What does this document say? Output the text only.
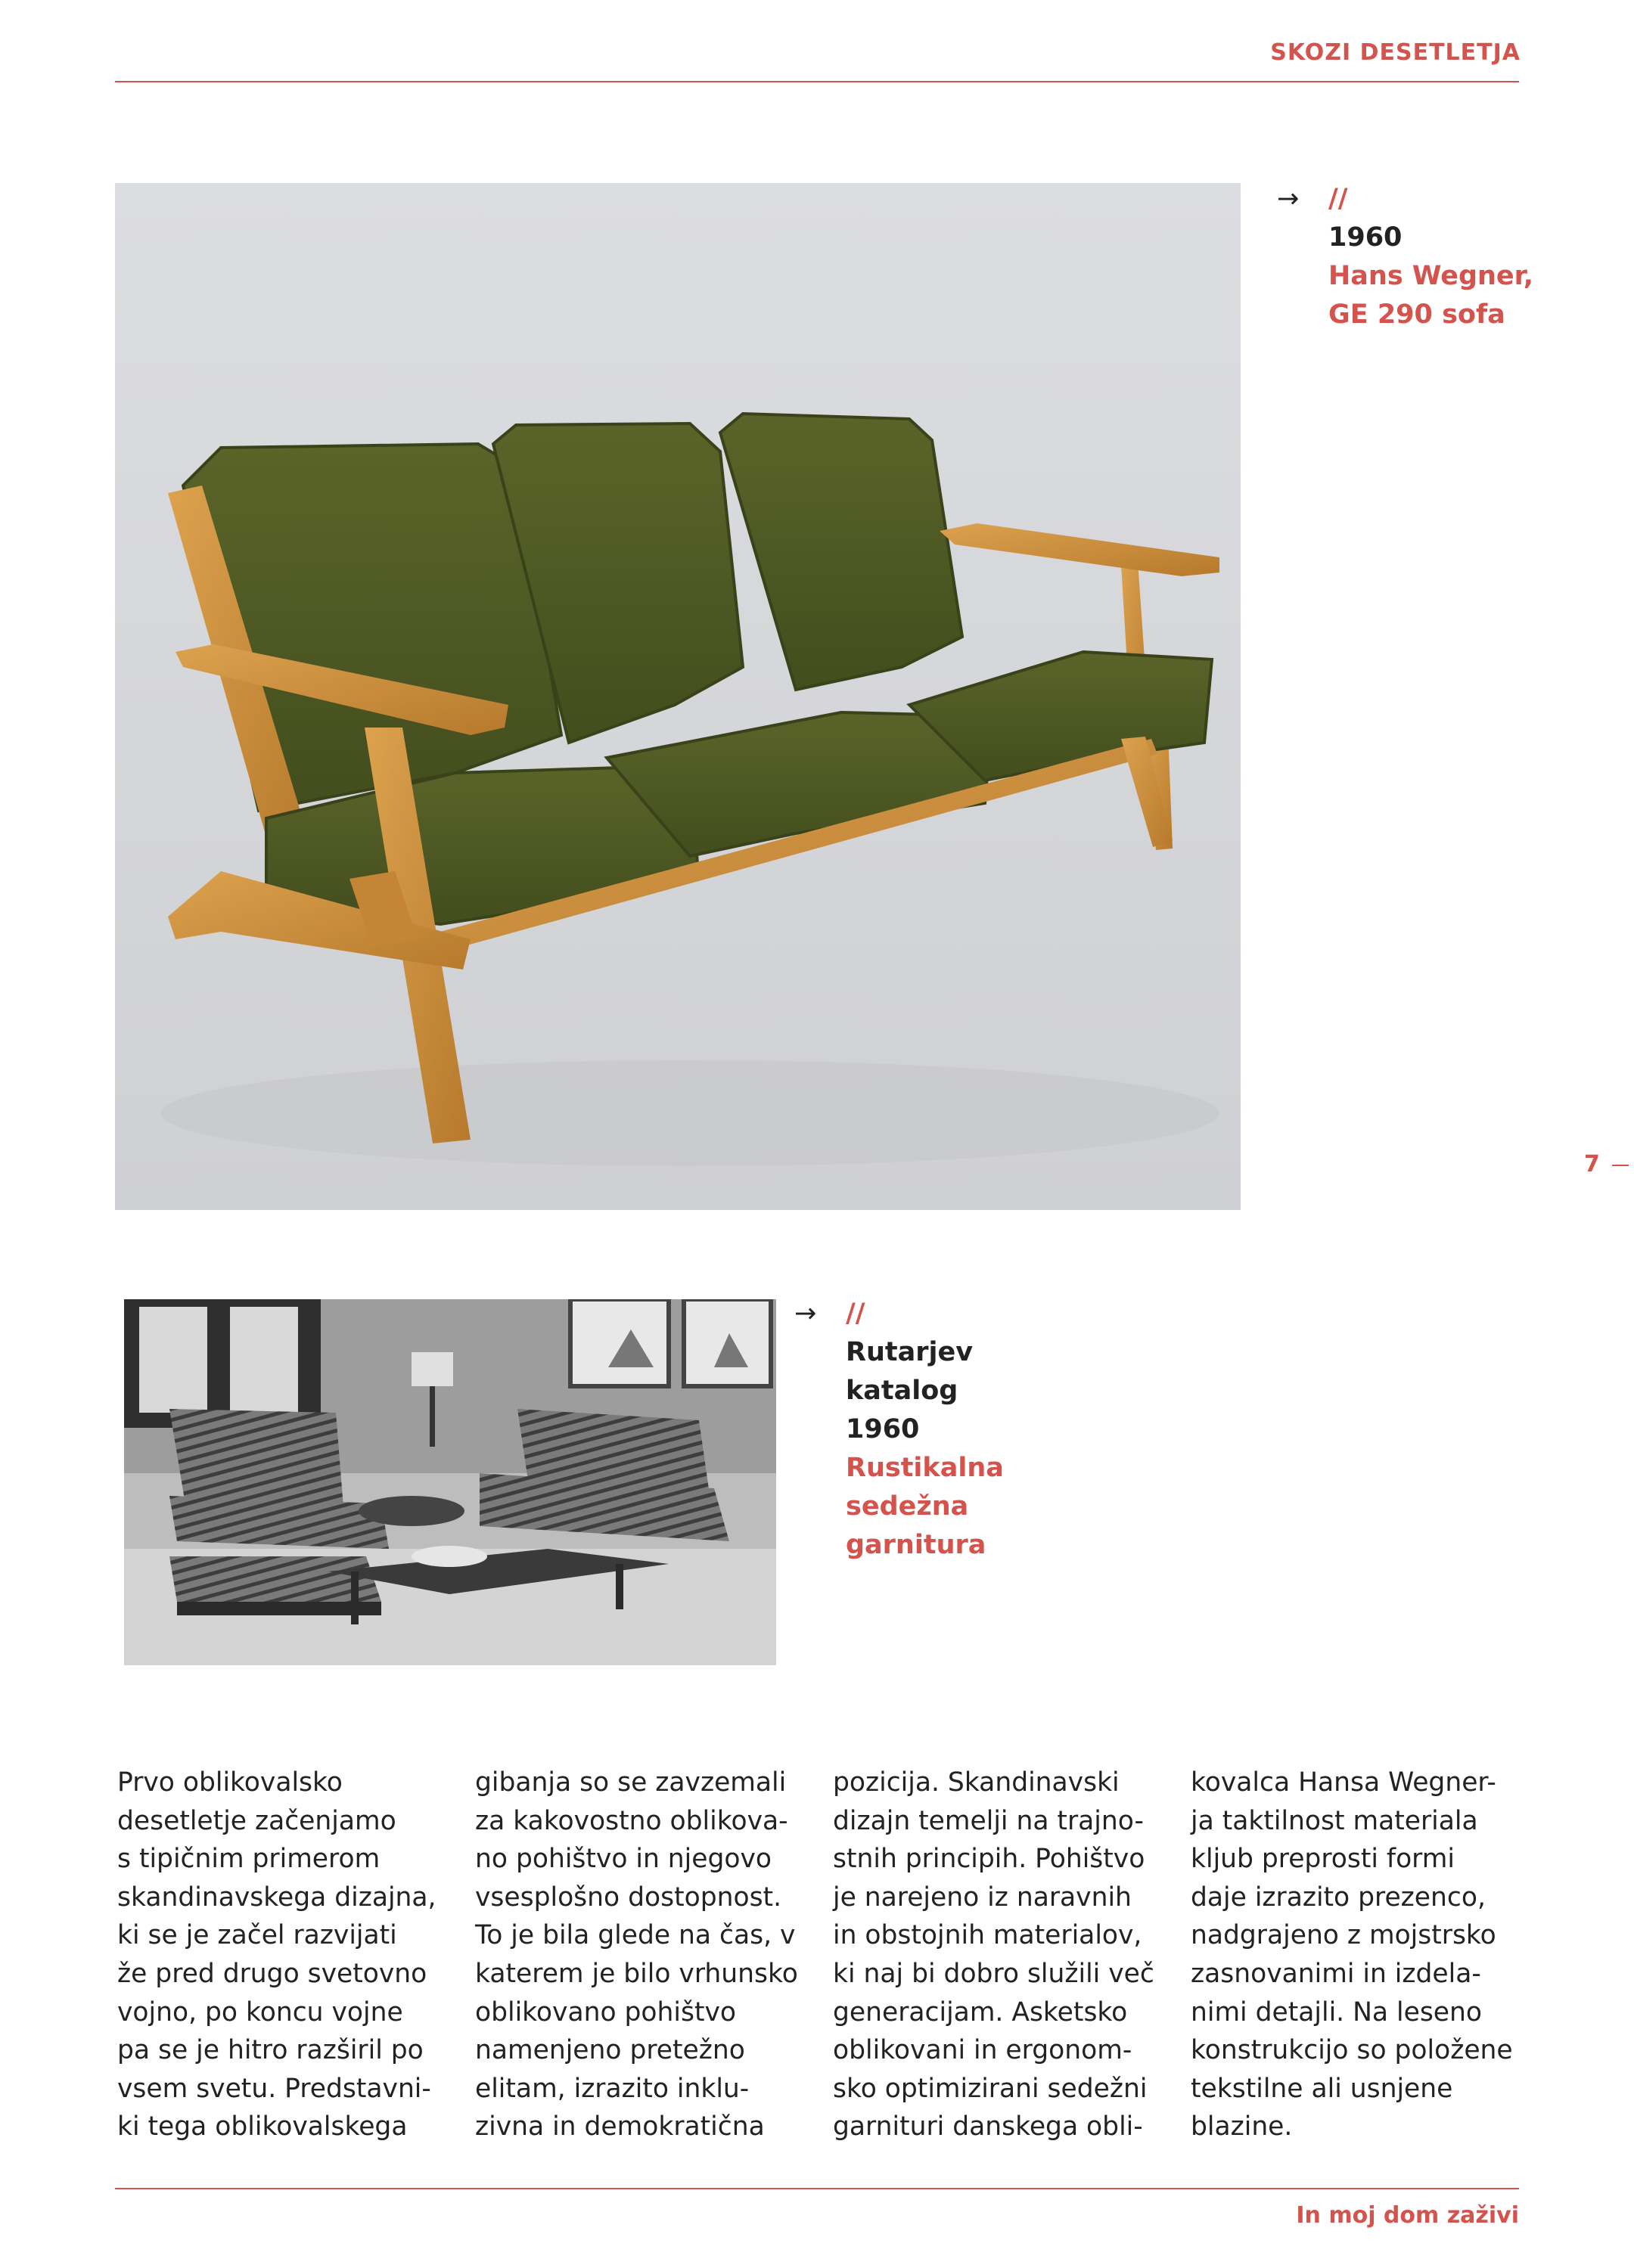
SKOZI DESETLETJA
→ //
1960
Hans Wegner,
GE 290 sofa
7
→ //
Rutarjev
katalog
1960
Rustikalna
sedežna
garnitura
Prvo oblikovalsko
desetletje začenjamo
s tipičnim primerom
skandinavskega dizajna,
ki se je začel razvijati
že pred drugo svetovno
vojno, po koncu vojne
pa se je hitro razširil po
vsem svetu. Predstavni-
ki tega oblikovalskega
gibanja so se zavzemali
za kakovostno oblikova-
no pohištvo in njegovo
vsesplošno dostopnost.
To je bila glede na čas, v
katerem je bilo vrhunsko
oblikovano pohištvo
namenjeno pretežno
elitam, izrazito inklu-
zivna in demokratična
pozicija. Skandinavski
dizajn temelji na trajno-
stnih principih. Pohištvo
je narejeno iz naravnih
in obstojnih materialov,
ki naj bi dobro služili več
generacijam. Asketsko
oblikovani in ergonom-
sko optimizirani sedežni
garnituri danskega obli-
kovalca Hansa Wegner-
ja taktilnost materiala
kljub preprosti formi
daje izrazito prezenco,
nadgrajeno z mojstrsko
zasnovanimi in izdela-
nimi detajli. Na leseno
konstrukcijo so položene
tekstilne ali usnjene
blazine.
In moj dom zaživi
